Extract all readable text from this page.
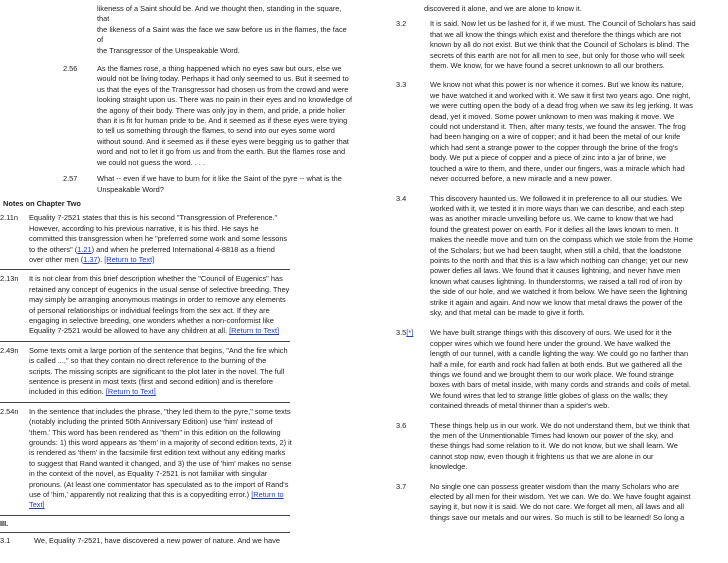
likeness of a Saint should be. And we thought then, standing in the square, that
the likeness of a Saint was the face we saw before us in the flames, the face of
the Transgressor of the Unspeakable Word.
2.56	As the flames rose, a thing happened which no eyes saw but ours, else we
would not be living today. Perhaps it had only seemed to us. But it seemed to
us that the eyes of the Transgressor had chosen us from the crowd and were
looking straight upon us. There was no pain in their eyes and no knowledge of
the agony of their body. There was only joy in them, and pride, a pride holier
than it is fit for human pride to be. And it seemed as if these eyes were trying
to tell us something through the flames, to send into our eyes some word
without sound. And it seemed as if these eyes were begging us to gather that
word and not to let it go from us and from the earth. But the flames rose and
we could not guess the word. . . .
2.57	What -- even if we have to burn for it like the Saint of the pyre -- what is the
Unspeakable Word?
Notes on Chapter Two
2.11n	Equality 7-2521 states that this is his second "Transgression of Preference."
However, according to his previous narrative, it is his third. He says he
committed this transgression when he "preferred some work and some lessons
to the others" (1.21) and when he preferred International 4-8818 as a friend
over other men (1.37). [Return to Text]
2.13n	It is not clear from this brief description whether the "Council of Eugenics" has
retained any concept of eugenics in the usual sense of selective breeding. They
may simply be arranging anonymous matings in order to remove any elements
of personal relationships or individual feelings from the sex act. If they are
engaging in selective breeding, one wonders whether a non-conformist like
Equality 7-2521 would be allowed to have any children at all. [Return to Text]
2.49n	Some texts omit a large portion of the sentence that begins, "And the fire which
is called ...," so that they contain no direct reference to the burning of the
scripts. The missing scripts are significant to the plot later in the novel. The full
sentence is present in most texts (first and second edition) and is therefore
included in this edition. [Return to Text]
2.54n	In the sentence that includes the phrase, "they led them to the pyre," some texts
(notably including the printed 50th Anniversary Edition) use 'him' instead of
'them.' This word has been rendered as "them" in this edition on the following
grounds: 1) this word appears as 'them' in a majority of second edition texts, 2) it
is rendered as 'them' in the facsimile first edition text without any editing marks
to suggest that Rand wanted it changed, and 3) the use of 'him' makes no sense
in the context of the novel, as Equality 7-2521 is not familiar with singular
pronouns. (At least one commentator has speculated as to the import of Rand's
use of 'him,' apparently not realizing that this is a copyediting error.) [Return to
Text]
III.
3.1	We, Equality 7-2521, have discovered a new power of nature. And we have
discovered it alone, and we are alone to know it.
3.2	It is said. Now let us be lashed for it, if we must. The Council of Scholars has said
that we all know the things which exist and therefore the things which are not
known by all do not exist. But we think that the Council of Scholars is blind. The
secrets of this earth are not for all men to see, but only for those who will seek
them. We know, for we have found a secret unknown to all our brothers.
3.3	We know not what this power is nor whence it comes. But we know its nature,
we have watched it and worked with it. We saw it first two years ago. One night,
we were cutting open the body of a dead frog when we saw its leg jerking. It was
dead, yet it moved. Some power unknown to men was making it move. We
could not understand it. Then, after many tests, we found the answer. The frog
had been hanging on a wire of copper; and it had been the metal of our knife
which had sent a strange power to the copper through the brine of the frog's
body. We put a piece of copper and a piece of zinc into a jar of brine, we
touched a wire to them, and there, under our fingers, was a miracle which had
never occurred before, a new miracle and a new power.
3.4	This discovery haunted us. We followed it in preference to all our studies. We
worked with it, we tested it in more ways than we can describe, and each step
was as another miracle unveiling before us. We came to know that we had
found the greatest power on earth. For it defies all the laws known to men. It
makes the needle move and turn on the compass which we stole from the Home
of the Scholars; but we had been taught, when still a child, that the loadstone
points to the north and that this is a law which nothing can change; yet our new
power defies all laws. We found that it causes lightning, and never have men
known what causes lightning. In thunderstorms, we raised a tall rod of iron by
the side of our hole, and we watched it from below. We have seen the lightning
strike it again and again. And now we know that metal draws the power of the
sky, and that metal can be made to give it forth.
3.5[*]	We have built strange things with this discovery of ours. We used for it the
copper wires which we found here under the ground. We have walked the
length of our tunnel, with a candle lighting the way. We could go no farther than
half a mile, for earth and rock had fallen at both ends. But we gathered all the
things we found and we brought them to our work place. We found strange
boxes with bars of metal inside, with many cords and strands and coils of metal.
We found wires that led to strange little globes of glass on the walls; they
contained threads of metal thinner than a spider's web.
3.6	These things help us in our work. We do not understand them, but we think that
the men of the Unmentionable Times had known our power of the sky, and
these things had some relation to it. We do not know, but we shall learn. We
cannot stop now, even though it frightens us that we are alone in our
knowledge.
3.7	No single one can possess greater wisdom than the many Scholars who are
elected by all men for their wisdom. Yet we can. We do. We have fought against
saying it, but now it is said. We do not care. We forget all men, all laws and all
things save our metals and our wires. So much is still to be learned! So long a
